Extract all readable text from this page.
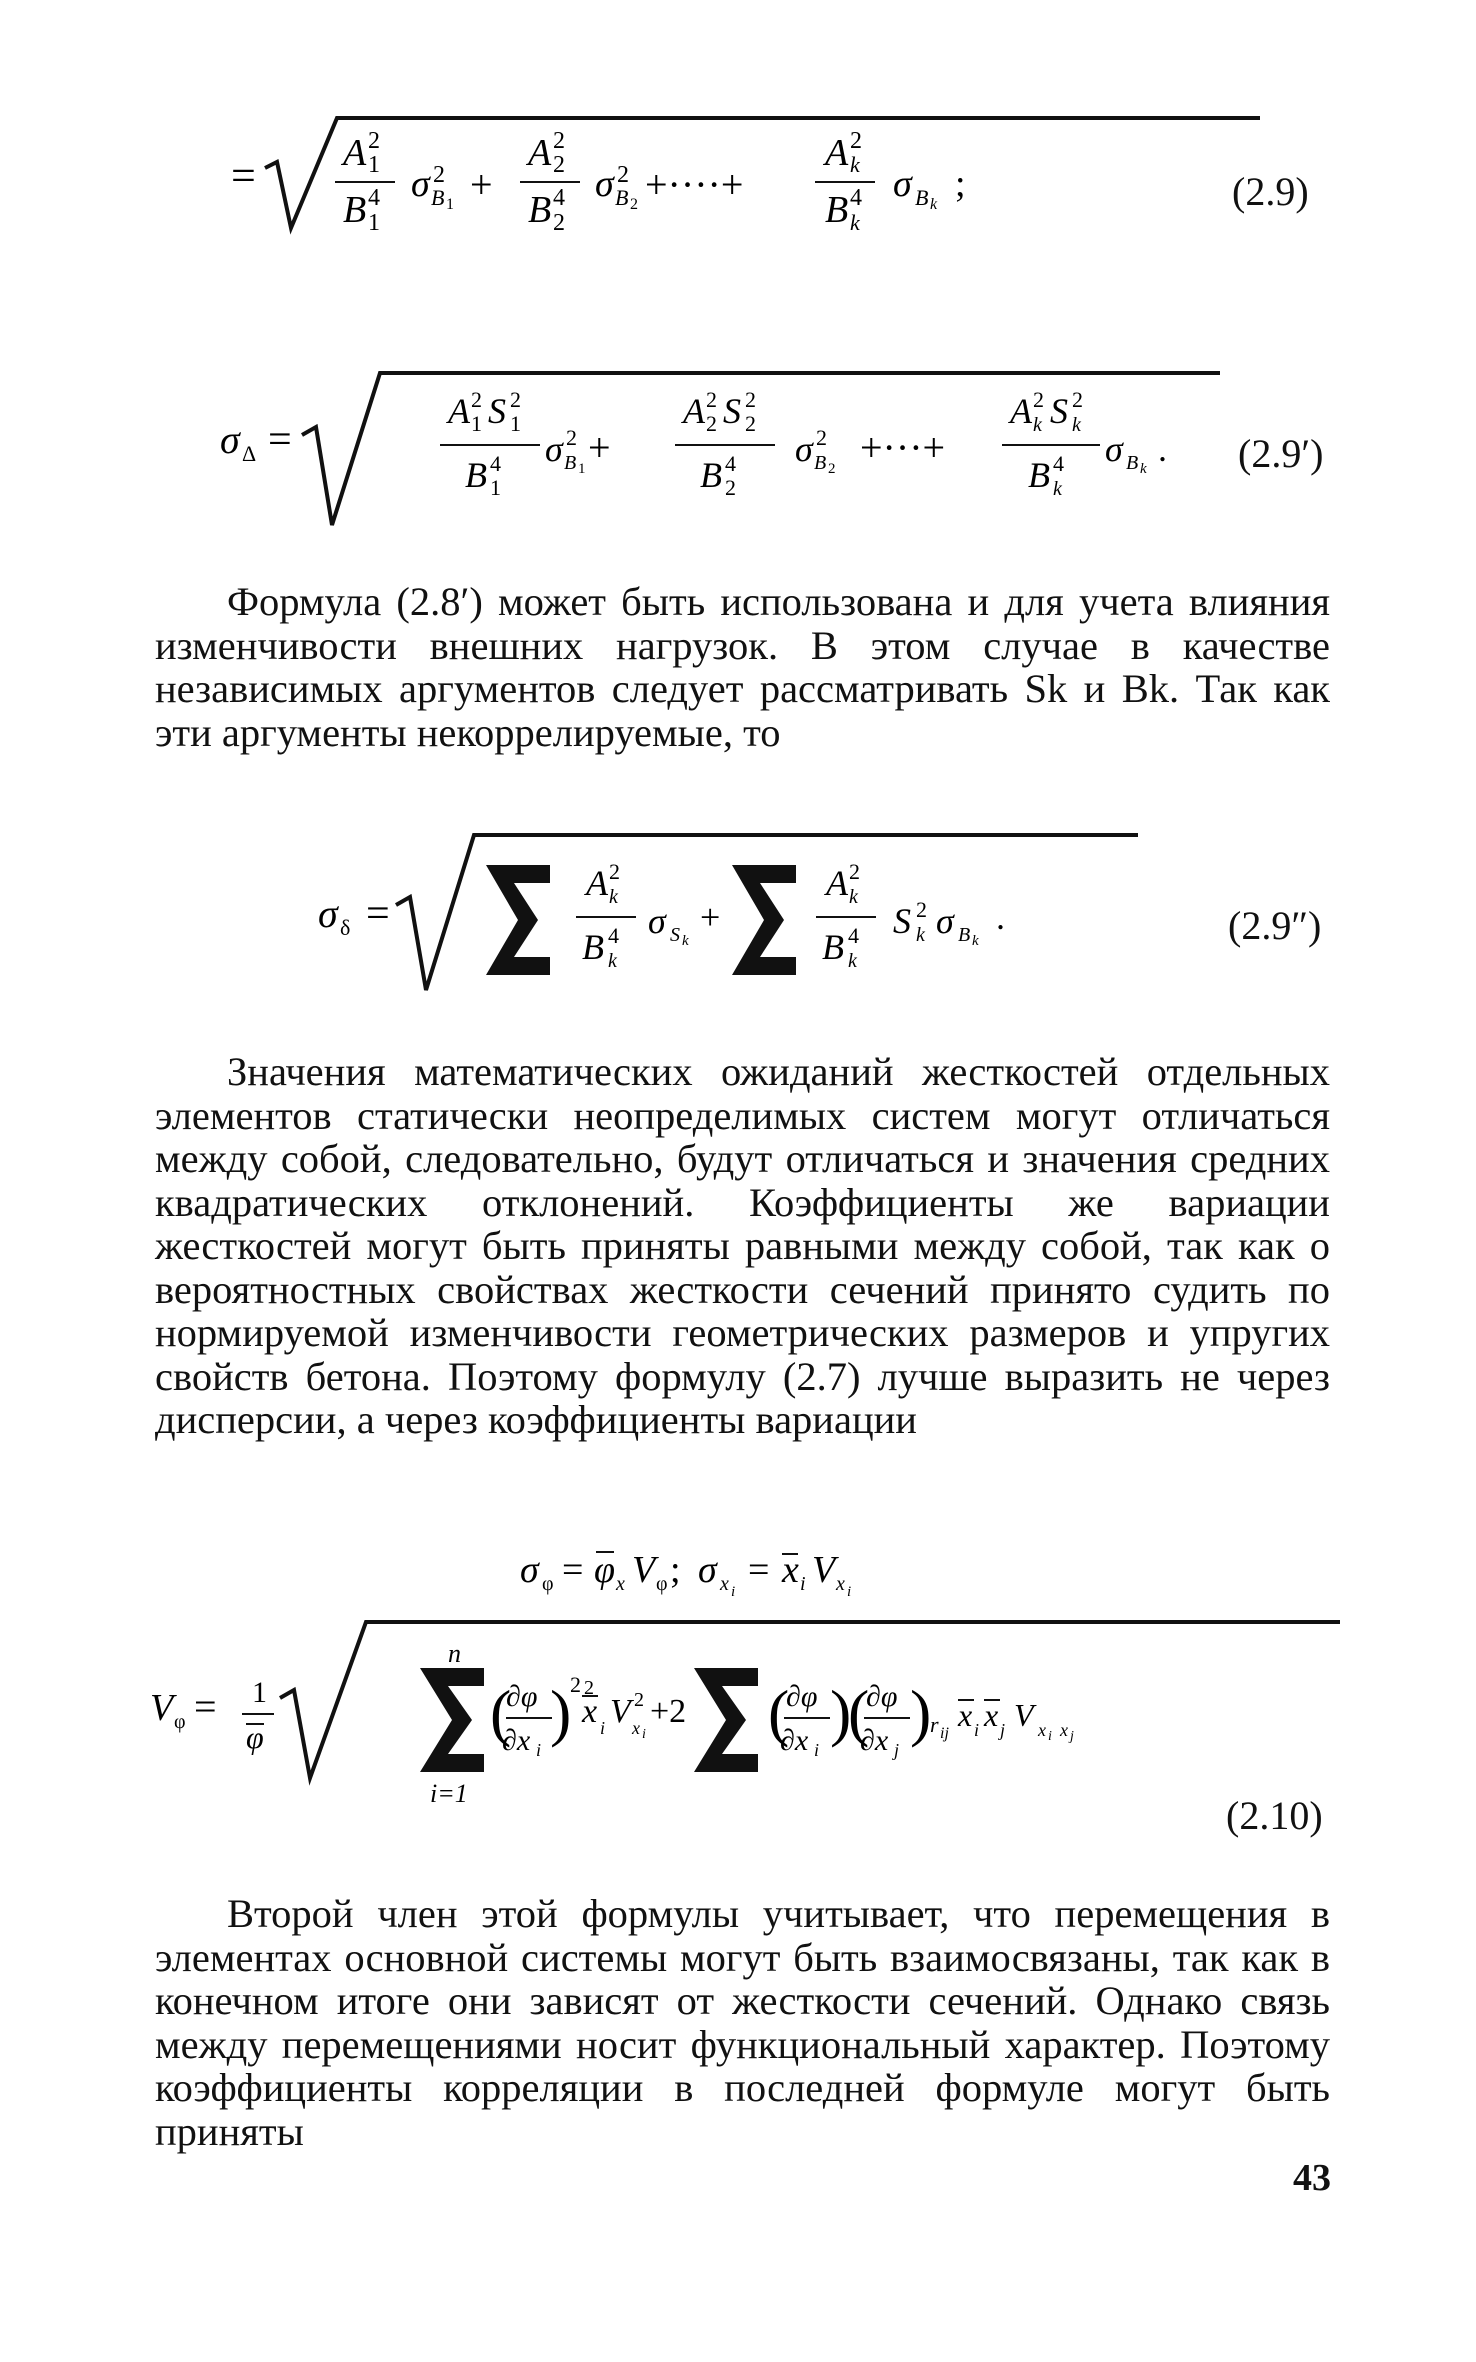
= A 2
1
B 4
1
σ 2
B 1 +
A 2
2
B 4
2
σ 2
B 2 +····+
A 2
k
B 4
k
σ B k ;	(2.9)
σ Δ =
A 2
1 S 2
1
B 4
1
σ 2
B 1 +
A 2
2 S 2
2
B 4
2
σ 2
B 2 +···+
A 2
k S 2
k
B 4
k
σ B k . (2.9′)

Формула (2.8′) может быть использована и для учета влияния изменчивости внешних нагрузок. В этом случае в качестве независимых аргументов следует рассматривать Sk и Bk. Так как эти аргументы некоррелируемые, то

σ δ =
A 2
k
B 4
k
σ S k
+
A 2
k
B 4
k
S 2
k σ B k
.	(2.9″)

Значения математических ожиданий жесткостей отдельных элементов статически неопределимых систем могут отличаться между собой, следовательно, будут отличаться и значения средних квадратических отклонений. Коэффициенты же вариации жесткостей могут быть приняты равными между собой, так как о вероятностных свойствах жесткости сечений принято судить по нормируемой изменчивости геометрических размеров и упругих свойств бетона. Поэтому формулу (2.7) лучше выразить не через дисперсии, а через коэффициенты вариации

σ φ = φ x V φ ; σ x i
= x i V x i
V φ = 1
φ
n
i=1
(
∂φ
∂x i
)
2
x
2
i V 2
x i
+2 (
∂φ
∂x i
)
(
∂φ
∂x j
)
r ij
x i x j V x i x j
(2.10)

Второй член этой формулы учитывает, что перемещения в элементах основной системы могут быть взаимосвязаны, так как в конечном итоге они зависят от жесткости сечений. Однако связь между перемещениями носит функциональный характер. Поэтому коэффициенты корреляции в последней формуле могут быть приняты

43
